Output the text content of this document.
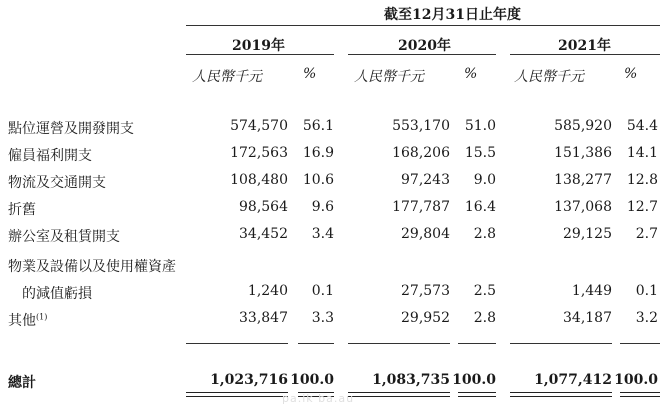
截至12月31日止年度
2019年	2020年	2021年
人民幣千元	%	人民幣千元	%	人民幣千元	%
點位運營及開發開支	574,570	56.1	553,170	51.0	585,920	54.4
僱員福利開支	172,563	16.9	168,206	15.5	151,386	14.1
物流及交通開支	108,480	10.6	97,243	9.0	138,277	12.8
折舊	98,564	9.6	177,787	16.4	137,068	12.7
辦公室及租賃開支	34,452	3.4	29,804	2.8	29,125	2.7
物業及設備以及使用權資產
的減值虧損	1,240	0.1	27,573	2.5	1,449	0.1
其他$^{(1)}$	33,847	3.3	29,952	2.8	34,187	3.2
總計	1,023,716 100.0	1,083,735 100.0	1,077,412 100.0
pa.ik ba.au
